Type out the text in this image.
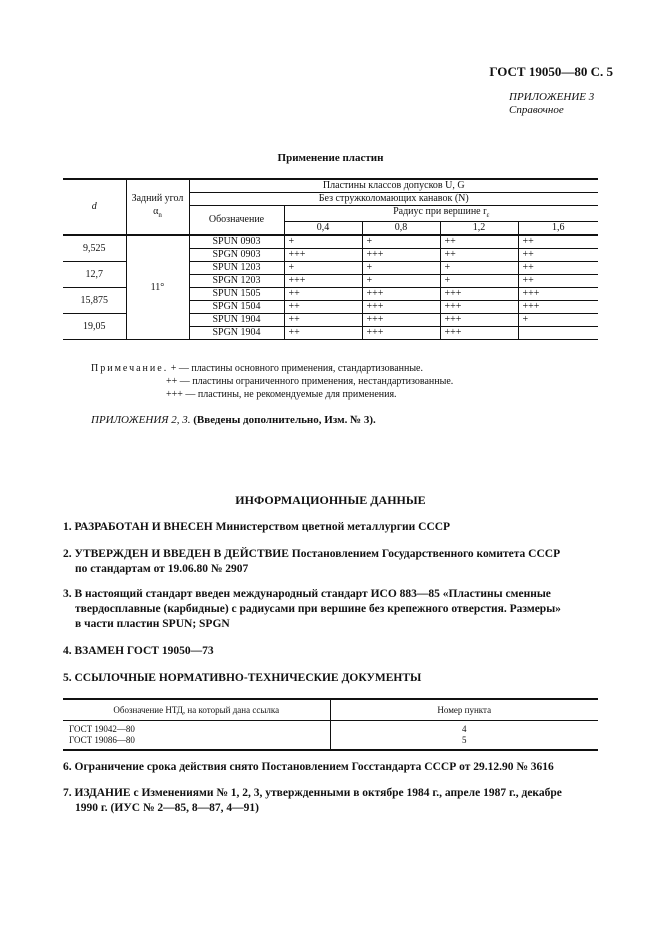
ГОСТ 19050—80 С. 5
ПРИЛОЖЕНИЕ 3
Справочное
Применение пластин
d	Задний угол $\alpha_n$	Пластины классов допусков U, G				
		Без стружколомающих канавок (N)				
		Обозначение	Радиус при вершине $r_\varepsilon$
			0,4	0,8	1,2	1,6
9,525	11°	SPUN 0903	+	+	++	++
		SPGN 0903	+++	+++	++	++
12,7		SPUN 1203	+	+	+	++
		SPGN 1203	+++	+	+	++
15,875		SPUN 1505	++	+++	+++	+++
		SPGN 1504	++	+++	+++	+++
19,05		SPUN 1904	++	+++	+++	+
		SPGN 1904	++	+++	+++	
Примечание. + — пластины основного применения, стандартизованные.
++ — пластины ограниченного применения, нестандартизованные.
+++ — пластины, не рекомендуемые для применения.
ПРИЛОЖЕНИЯ 2, 3. (Введены дополнительно, Изм. № 3).
ИНФОРМАЦИОННЫЕ ДАННЫЕ
1. РАЗРАБОТАН И ВНЕСЕН Министерством цветной металлургии СССР
2. УТВЕРЖДЕН И ВВЕДЕН В ДЕЙСТВИЕ Постановлением Государственного комитета СССР
по стандартам от 19.06.80 № 2907
3. В настоящий стандарт введен международный стандарт ИСО 883—85 «Пластины сменные
твердосплавные (карбидные) с радиусами при вершине без крепежного отверстия. Размеры»
в части пластин SPUN; SPGN
4. ВЗАМЕН ГОСТ 19050—73
5. ССЫЛОЧНЫЕ НОРМАТИВНО-ТЕХНИЧЕСКИЕ ДОКУМЕНТЫ
Обозначение НТД, на который дана ссылка	Номер пункта
ГОСТ 19042—80	4
ГОСТ 19086—80	5
6. Ограничение срока действия снято Постановлением Госстандарта СССР от 29.12.90 № 3616
7. ИЗДАНИЕ с Изменениями № 1, 2, 3, утвержденными в октябре 1984 г., апреле 1987 г., декабре
1990 г. (ИУС № 2—85, 8—87, 4—91)
